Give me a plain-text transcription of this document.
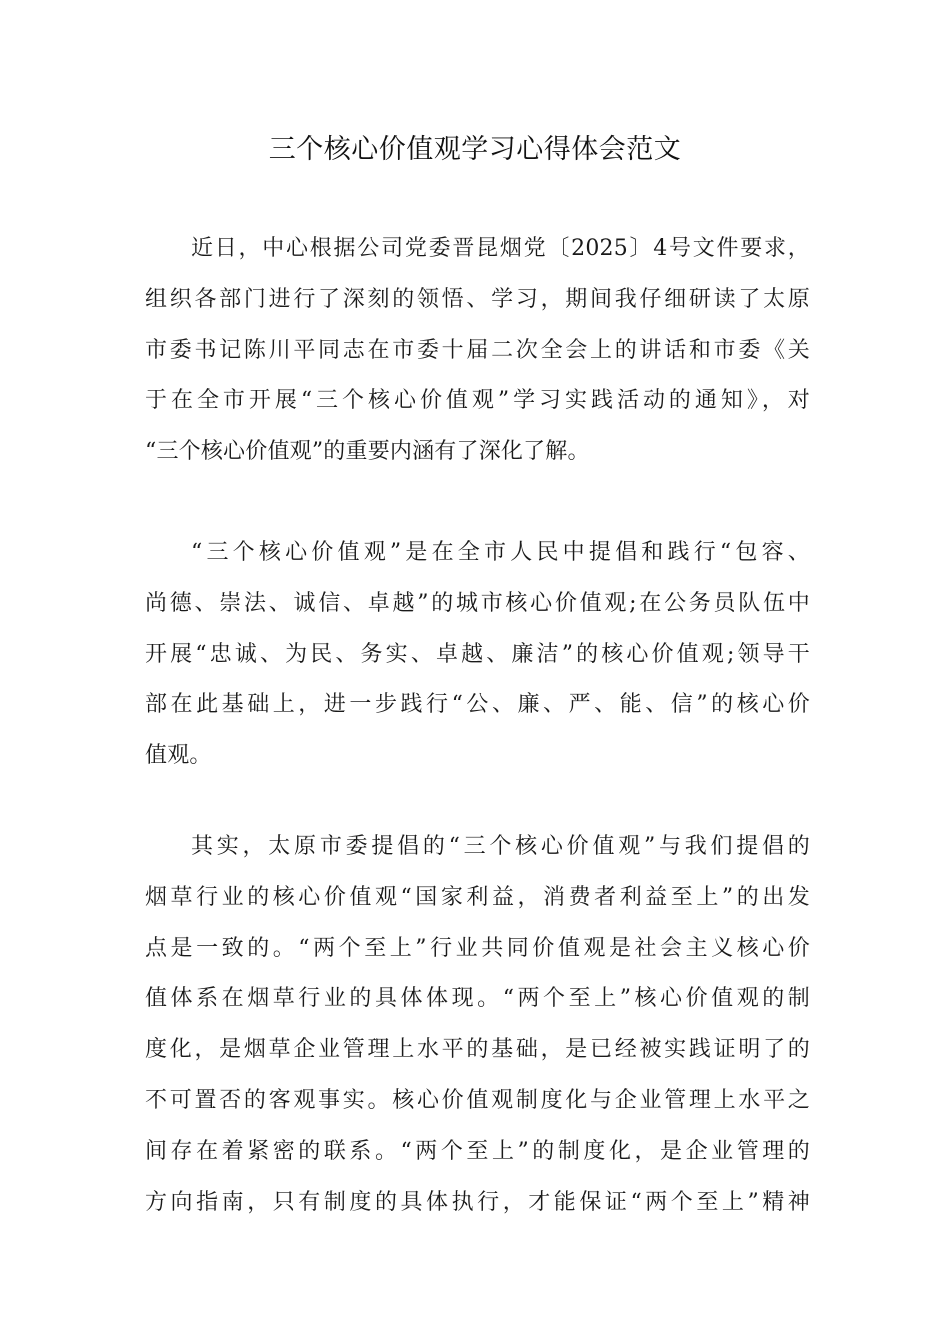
三个核心价值观学习心得体会范文
近日，中心根据公司党委晋昆烟党〔2025〕4号文件要求，
组织各部门进行了深刻的领悟、学习，期间我仔细研读了太原
市委书记陈川平同志在市委十届二次全会上的讲话和市委《关
于在全市开展“三个核心价值观”学习实践活动的通知》，对
“三个核心价值观”的重要内涵有了深化了解。
“三个核心价值观”是在全市人民中提倡和践行“包容、
尚德、崇法、诚信、卓越”的城市核心价值观;在公务员队伍中
开展“忠诚、为民、务实、卓越、廉洁”的核心价值观;领导干
部在此基础上，进一步践行“公、廉、严、能、信”的核心价
值观。
其实，太原市委提倡的“三个核心价值观”与我们提倡的
烟草行业的核心价值观“国家利益，消费者利益至上”的出发
点是一致的。“两个至上”行业共同价值观是社会主义核心价
值体系在烟草行业的具体体现。“两个至上”核心价值观的制
度化，是烟草企业管理上水平的基础，是已经被实践证明了的
不可置否的客观事实。核心价值观制度化与企业管理上水平之
间存在着紧密的联系。“两个至上”的制度化，是企业管理的
方向指南，只有制度的具体执行，才能保证“两个至上”精神
